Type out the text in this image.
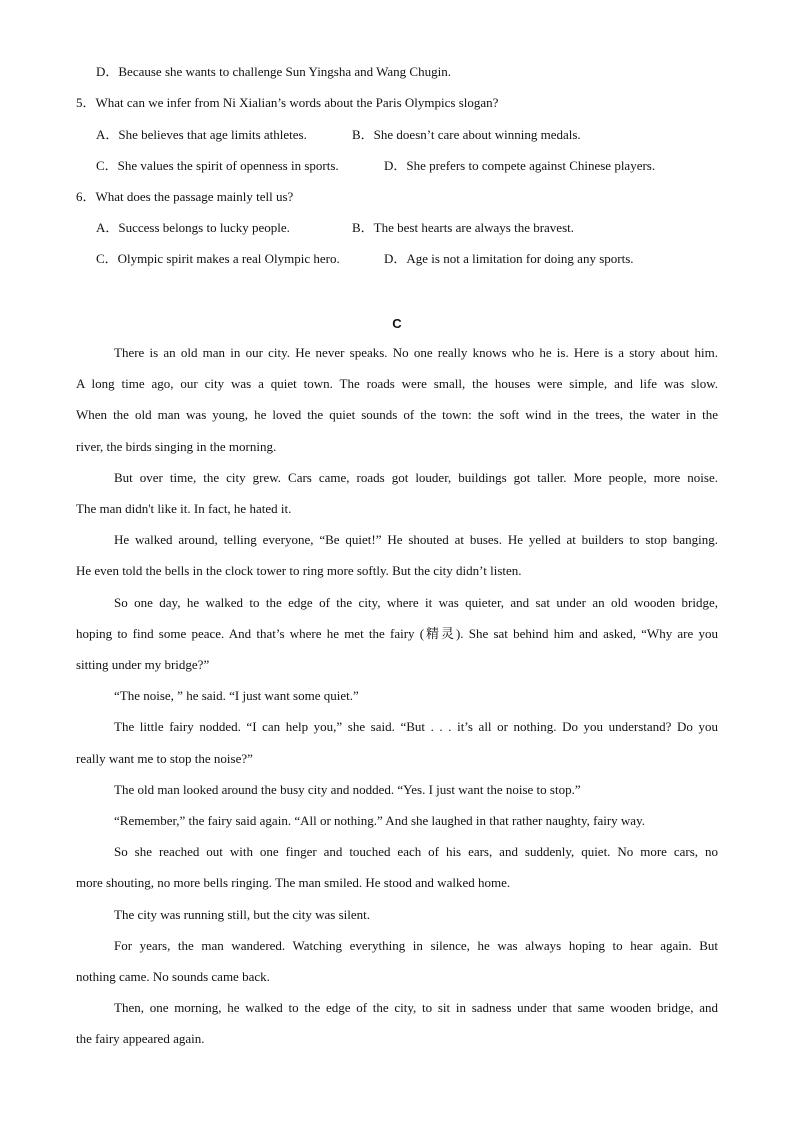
D．Because she wants to challenge Sun Yingsha and Wang Chugin.
5．What can we infer from Ni Xialian’s words about the Paris Olympics slogan?
A．She believes that age limits athletes.	B．She doesn’t care about winning medals.
C．She values the spirit of openness in sports.	D．She prefers to compete against Chinese players.
6．What does the passage mainly tell us?
A．Success belongs to lucky people.	B．The best hearts are always the bravest.
C．Olympic spirit makes a real Olympic hero.	D．Age is not a limitation for doing any sports.
C
There is an old man in our city. He never speaks. No one really knows who he is. Here is a story about him.
A long time ago, our city was a quiet town. The roads were small, the houses were simple, and life was slow.
When the old man was young, he loved the quiet sounds of the town: the soft wind in the trees, the water in the
river, the birds singing in the morning.
But over time, the city grew. Cars came, roads got louder, buildings got taller. More people, more noise.
The man didn't like it. In fact, he hated it.
He walked around, telling everyone, “Be quiet!” He shouted at buses. He yelled at builders to stop banging.
He even told the bells in the clock tower to ring more softly. But the city didn’t listen.
So one day, he walked to the edge of the city, where it was quieter, and sat under an old wooden bridge,
hoping to find some peace. And that’s where he met the fairy (精灵). She sat behind him and asked, “Why are you
sitting under my bridge?”
“The noise, ” he said. “I just want some quiet.”
The little fairy nodded. “I can help you,” she said. “But . . . it’s all or nothing. Do you understand? Do you
really want me to stop the noise?”
The old man looked around the busy city and nodded. “Yes. I just want the noise to stop.”
“Remember,” the fairy said again. “All or nothing.” And she laughed in that rather naughty, fairy way.
So she reached out with one finger and touched each of his ears, and suddenly, quiet. No more cars, no
more shouting, no more bells ringing. The man smiled. He stood and walked home.
The city was running still, but the city was silent.
For years, the man wandered. Watching everything in silence, he was always hoping to hear again. But
nothing came. No sounds came back.
Then, one morning, he walked to the edge of the city, to sit in sadness under that same wooden bridge, and
the fairy appeared again.
